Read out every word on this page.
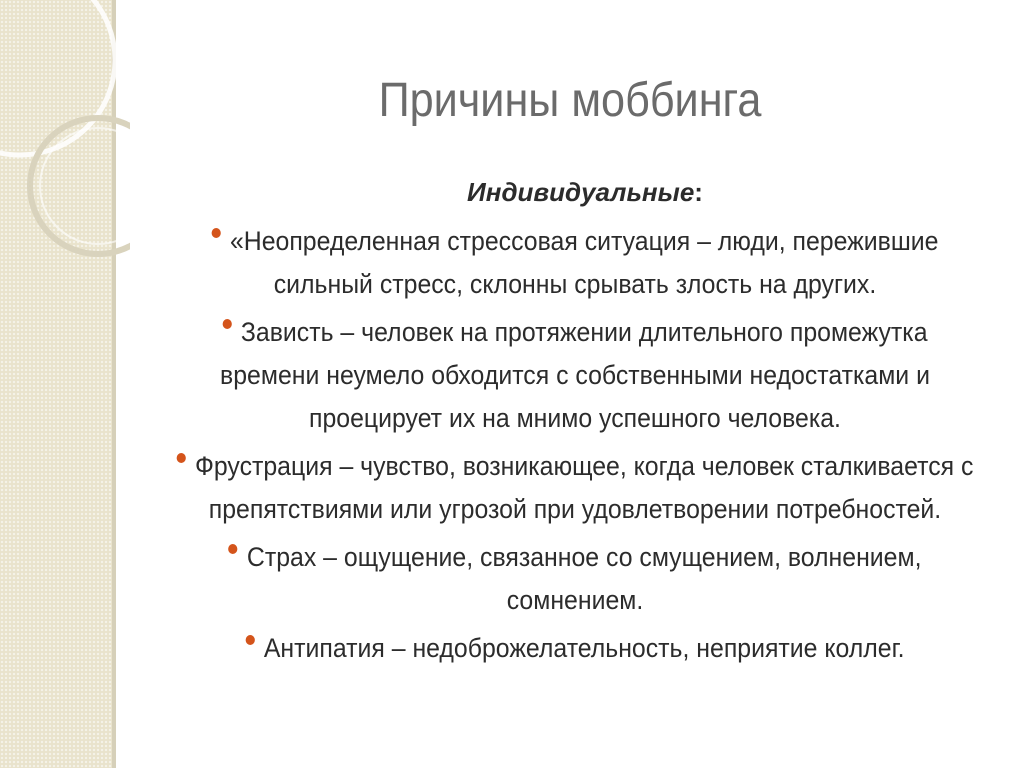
Причины моббинга
Индивидуальные:
«Неопределенная стрессовая ситуация – люди, пережившие сильный стресс, склонны срывать злость на других.
Зависть – человек на протяжении длительного промежутка времени неумело обходится с собственными недостатками и проецирует их на мнимо успешного человека.
Фрустрация – чувство, возникающее, когда человек сталкивается с препятствиями или угрозой при удовлетворении потребностей.
Страх – ощущение, связанное со смущением, волнением, сомнением.
Антипатия – недоброжелательность, неприятие коллег.
